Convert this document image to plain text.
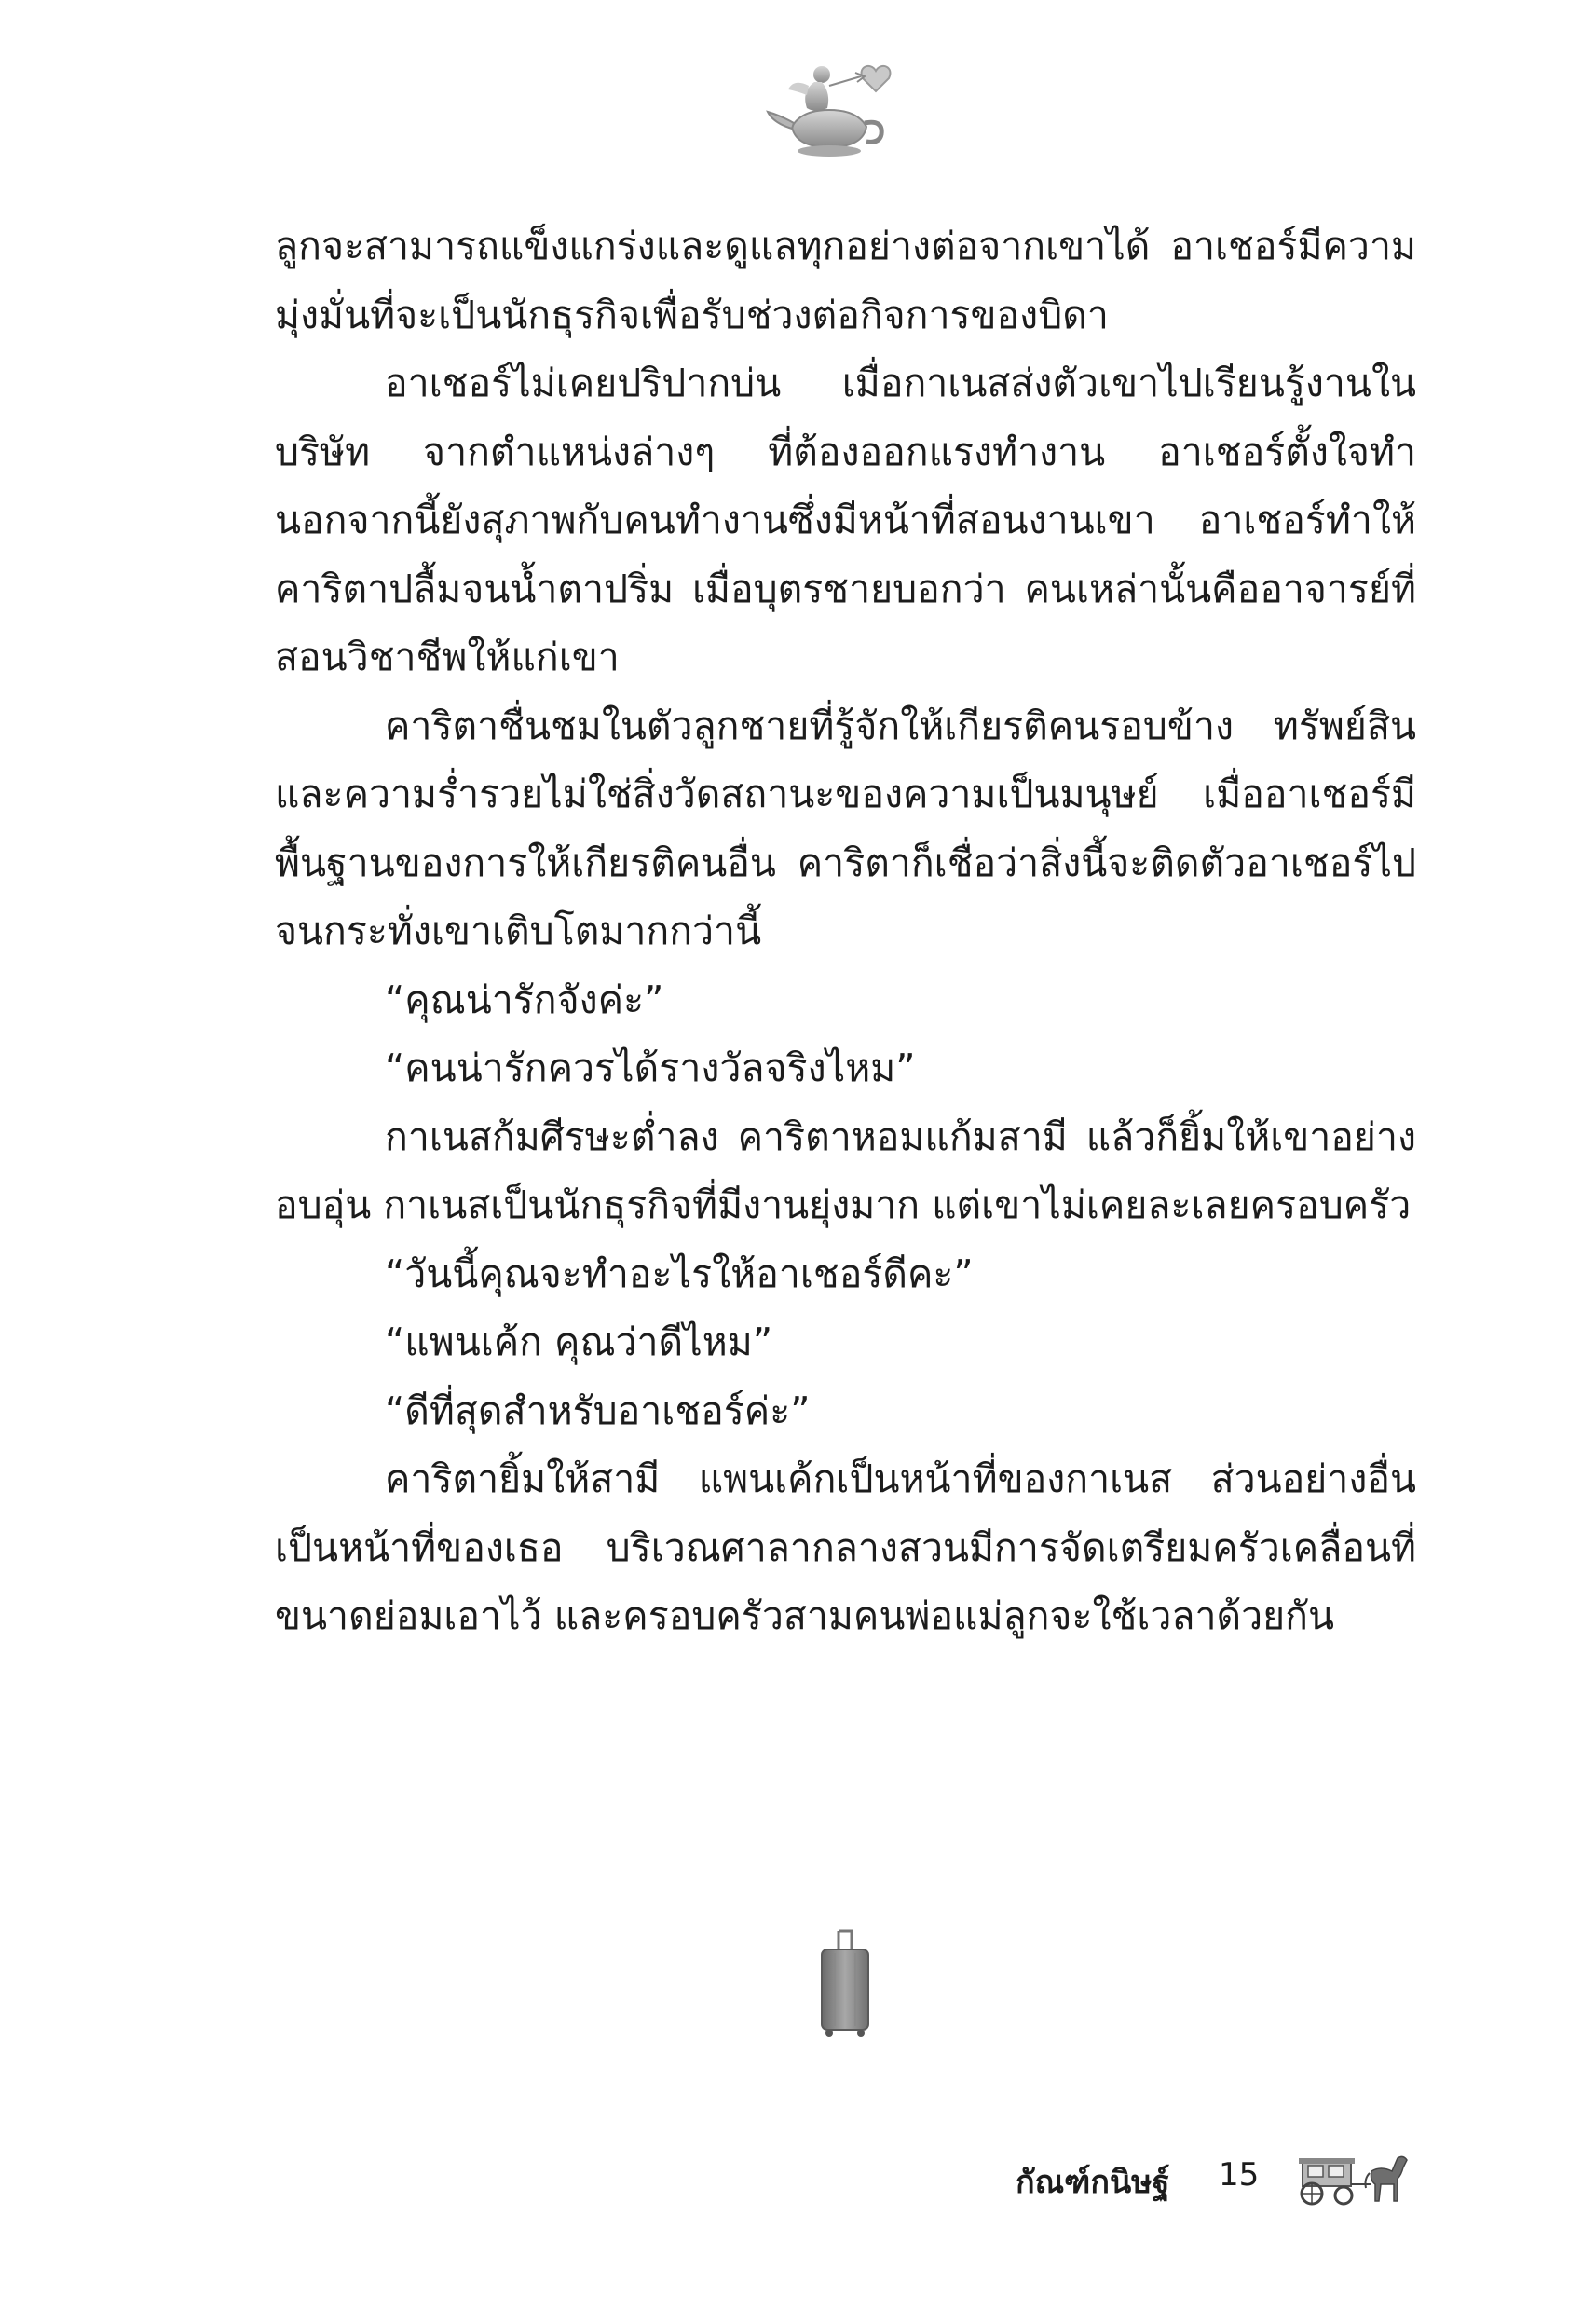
ลูกจะสามารถแข็งแกร่งและดูแลทุกอย่างต่อจากเขาได้ อาเชอร์มีความมุ่งมั่นที่จะเป็นนักธุรกิจเพื่อรับช่วงต่อกิจการของบิดา

อาเชอร์ไม่เคยปริปากบ่น เมื่อกาเนสส่งตัวเขาไปเรียนรู้งานในบริษัท จากตำแหน่งล่างๆ ที่ต้องออกแรงทำงาน อาเชอร์ตั้งใจทำนอกจากนี้ยังสุภาพกับคนทำงานซึ่งมีหน้าที่สอนงานเขา อาเชอร์ทำให้คาริตาปลื้มจนน้ำตาปริ่ม เมื่อบุตรชายบอกว่า คนเหล่านั้นคืออาจารย์ที่สอนวิชาชีพให้แก่เขา

คาริตาชื่นชมในตัวลูกชายที่รู้จักให้เกียรติคนรอบข้าง ทรัพย์สินและความร่ำรวยไม่ใช่สิ่งวัดสถานะของความเป็นมนุษย์ เมื่ออาเชอร์มีพื้นฐานของการให้เกียรติคนอื่น คาริตาก็เชื่อว่าสิ่งนี้จะติดตัวอาเชอร์ไปจนกระทั่งเขาเติบโตมากกว่านี้

“คุณน่ารักจังค่ะ”

“คนน่ารักควรได้รางวัลจริงไหม”

กาเนสก้มศีรษะต่ำลง คาริตาหอมแก้มสามี แล้วก็ยิ้มให้เขาอย่างอบอุ่น กาเนสเป็นนักธุรกิจที่มีงานยุ่งมาก แต่เขาไม่เคยละเลยครอบครัว

“วันนี้คุณจะทำอะไรให้อาเชอร์ดีคะ”

“แพนเค้ก คุณว่าดีไหม”

“ดีที่สุดสำหรับอาเชอร์ค่ะ”

คาริตายิ้มให้สามี แพนเค้กเป็นหน้าที่ของกาเนส ส่วนอย่างอื่นเป็นหน้าที่ของเธอ บริเวณศาลากลางสวนมีการจัดเตรียมครัวเคลื่อนที่ขนาดย่อมเอาไว้ และครอบครัวสามคนพ่อแม่ลูกจะใช้เวลาด้วยกัน

กัณฑ์กนิษฐ์ 15
